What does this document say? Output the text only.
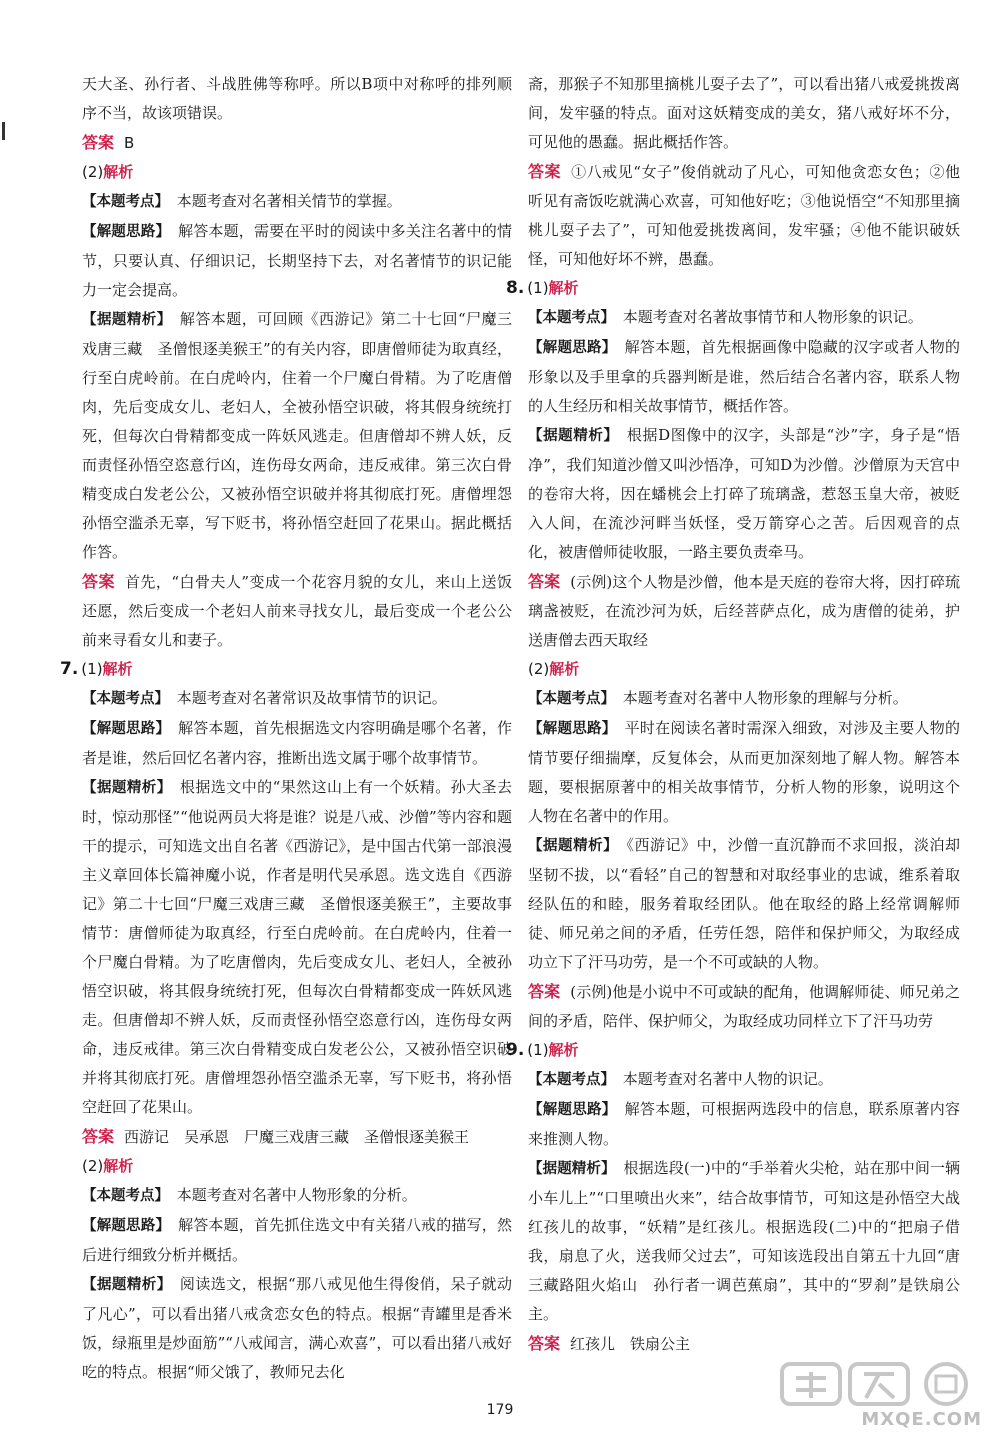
天大圣、孙行者、斗战胜佛等称呼。所以B项中对称呼的排列顺序不当，故该项错误。

答案 B

(2)解析

【 本题考点 】　 本题考查对名著相关情节的掌握。

【 解题思路 】　 解答本题，需要在平时的阅读中多关注名著中的情节，只要认真、仔细识记，长期坚持下去，对名著情节的识记能力一定会提高。

【 据题精析 】　 解答本题，可回顾《西游记》第二十七回“尸魔三戏唐三藏　圣僧恨逐美猴王”的有关内容，即唐僧师徒为取真经，行至白虎岭前。在白虎岭内，住着一个尸魔白骨精。为了吃唐僧肉，先后变成女儿、老妇人，全被孙悟空识破，将其假身统统打死，但每次白骨精都变成一阵妖风逃走。但唐僧却不辨人妖，反而责怪孙悟空恣意行凶，连伤母女两命，违反戒律。第三次白骨精变成白发老公公，又被孙悟空识破并将其彻底打死。唐僧埋怨孙悟空滥杀无辜，写下贬书，将孙悟空赶回了花果山。据此概括作答。

答案 首先，“白骨夫人”变成一个花容月貌的女儿，来山上送饭还愿，然后变成一个老妇人前来寻找女儿，最后变成一个老公公前来寻看女儿和妻子。

7. (1)解析

【 本题考点 】　 本题考查对名著常识及故事情节的识记。

【 解题思路 】　 解答本题，首先根据选文内容明确是哪个名著，作者是谁，然后回忆名著内容，推断出选文属于哪个故事情节。

【 据题精析 】　 根据选文中的“果然这山上有一个妖精。孙大圣去时，惊动那怪”“他说两员大将是谁？说是八戒、沙僧”等内容和题干的提示，可知选文出自名著《西游记》，是中国古代第一部浪漫主义章回体长篇神魔小说，作者是明代吴承恩。选文选自《西游记》第二十七回“尸魔三戏唐三藏　圣僧恨逐美猴王”，主要故事情节：唐僧师徒为取真经，行至白虎岭前。在白虎岭内，住着一个尸魔白骨精。为了吃唐僧肉，先后变成女儿、老妇人，全被孙悟空识破，将其假身统统打死，但每次白骨精都变成一阵妖风逃走。但唐僧却不辨人妖，反而责怪孙悟空恣意行凶，连伤母女两命，违反戒律。第三次白骨精变成白发老公公，又被孙悟空识破并将其彻底打死。唐僧埋怨孙悟空滥杀无辜，写下贬书，将孙悟空赶回了花果山。

答案 西游记　吴承恩　尸魔三戏唐三藏　圣僧恨逐美猴王

(2)解析

【 本题考点 】　 本题考查对名著中人物形象的分析。

【 解题思路 】　 解答本题，首先抓住选文中有关猪八戒的描写，然后进行细致分析并概括。

【 据题精析 】　 阅读选文，根据“那八戒见他生得俊俏，呆子就动了凡心”，可以看出猪八戒贪恋女色的特点。根据“青罐里是香米饭，绿瓶里是炒面筋”“八戒闻言，满心欢喜”，可以看出猪八戒好吃的特点。根据“师父饿了，教师兄去化

斋，那猴子不知那里摘桃儿耍子去了”，可以看出猪八戒爱挑拨离间，发牢骚的特点。面对这妖精变成的美女，猪八戒好坏不分，可见他的愚蠢。据此概括作答。

答案 ①八戒见“女子”俊俏就动了凡心，可知他贪恋女色；②他听见有斋饭吃就满心欢喜，可知他好吃；③他说悟空“不知那里摘桃儿耍子去了”，可知他爱挑拨离间，发牢骚；④他不能识破妖怪，可知他好坏不辨，愚蠢。

8. (1)解析

【 本题考点 】　 本题考查对名著故事情节和人物形象的识记。

【 解题思路 】　 解答本题，首先根据画像中隐藏的汉字或者人物的形象以及手里拿的兵器判断是谁，然后结合名著内容，联系人物的人生经历和相关故事情节，概括作答。

【 据题精析 】　 根据D图像中的汉字，头部是“沙”字，身子是“悟净”，我们知道沙僧又叫沙悟净，可知D为沙僧。沙僧原为天宫中的卷帘大将，因在蟠桃会上打碎了琉璃盏，惹怒玉皇大帝，被贬入人间，在流沙河畔当妖怪，受万箭穿心之苦。后因观音的点化，被唐僧师徒收服，一路主要负责牵马。

答案 (示例)这个人物是沙僧，他本是天庭的卷帘大将，因打碎琉璃盏被贬，在流沙河为妖，后经菩萨点化，成为唐僧的徒弟，护送唐僧去西天取经

(2)解析

【 本题考点 】　 本题考查对名著中人物形象的理解与分析。

【 解题思路 】　 平时在阅读名著时需深入细致，对涉及主要人物的情节要仔细揣摩，反复体会，从而更加深刻地了解人物。解答本题，要根据原著中的相关故事情节，分析人物的形象，说明这个人物在名著中的作用。

【 据题精析 】　 《西游记》中，沙僧一直沉静而不求回报，淡泊却坚韧不拔，以“看轻”自己的智慧和对取经事业的忠诚，维系着取经队伍的和睦，服务着取经团队。他在取经的路上经常调解师徒、师兄弟之间的矛盾，任劳任怨，陪伴和保护师父，为取经成功立下了汗马功劳，是一个不可或缺的人物。

答案 (示例)他是小说中不可或缺的配角，他调解师徒、师兄弟之间的矛盾，陪伴、保护师父，为取经成功同样立下了汗马功劳

9. (1)解析

【 本题考点 】　 本题考查对名著中人物的识记。

【 解题思路 】　 解答本题，可根据两选段中的信息，联系原著内容来推测人物。

【 据题精析 】　 根据选段(一)中的“手举着火尖枪，站在那中间一辆小车儿上”“口里喷出火来”，结合故事情节，可知这是孙悟空大战红孩儿的故事，“妖精”是红孩儿。根据选段(二)中的“把扇子借我，扇息了火，送我师父过去”，可知该选段出自第五十九回“唐三藏路阻火焰山　孙行者一调芭蕉扇”，其中的“罗刹”是铁扇公主。

答案 红孩儿　铁扇公主

179	MXQE.COM
